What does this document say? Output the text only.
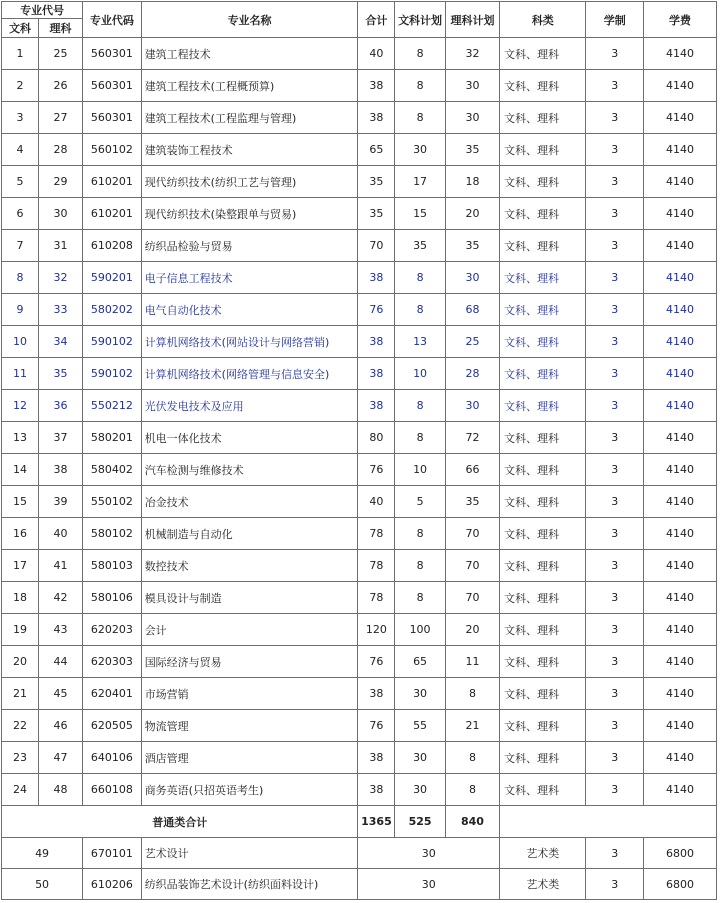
专业代号		专业代码	专业名称	合计	文科计划	理科计划	科类	学制	学费
文科	理科								
1	25	560301	建筑工程技术	40	8	32	文科、理科	3	4140
2	26	560301	建筑工程技术(工程概预算)	38	8	30	文科、理科	3	4140
3	27	560301	建筑工程技术(工程监理与管理)	38	8	30	文科、理科	3	4140
4	28	560102	建筑装饰工程技术	65	30	35	文科、理科	3	4140
5	29	610201	现代纺织技术(纺织工艺与管理)	35	17	18	文科、理科	3	4140
6	30	610201	现代纺织技术(染整跟单与贸易)	35	15	20	文科、理科	3	4140
7	31	610208	纺织品检验与贸易	70	35	35	文科、理科	3	4140
8	32	590201	电子信息工程技术	38	8	30	文科、理科	3	4140
9	33	580202	电气自动化技术	76	8	68	文科、理科	3	4140
10	34	590102	计算机网络技术(网站设计与网络营销)	38	13	25	文科、理科	3	4140
11	35	590102	计算机网络技术(网络管理与信息安全)	38	10	28	文科、理科	3	4140
12	36	550212	光伏发电技术及应用	38	8	30	文科、理科	3	4140
13	37	580201	机电一体化技术	80	8	72	文科、理科	3	4140
14	38	580402	汽车检测与维修技术	76	10	66	文科、理科	3	4140
15	39	550102	冶金技术	40	5	35	文科、理科	3	4140
16	40	580102	机械制造与自动化	78	8	70	文科、理科	3	4140
17	41	580103	数控技术	78	8	70	文科、理科	3	4140
18	42	580106	模具设计与制造	78	8	70	文科、理科	3	4140
19	43	620203	会计	120	100	20	文科、理科	3	4140
20	44	620303	国际经济与贸易	76	65	11	文科、理科	3	4140
21	45	620401	市场营销	38	30	8	文科、理科	3	4140
22	46	620505	物流管理	76	55	21	文科、理科	3	4140
23	47	640106	酒店管理	38	30	8	文科、理科	3	4140
24	48	660108	商务英语(只招英语考生)	38	30	8	文科、理科	3	4140
普通类合计				1365	525	840			
49		670101	艺术设计	30			艺术类	3	6800
50		610206	纺织品装饰艺术设计(纺织面料设计)	30			艺术类	3	6800
